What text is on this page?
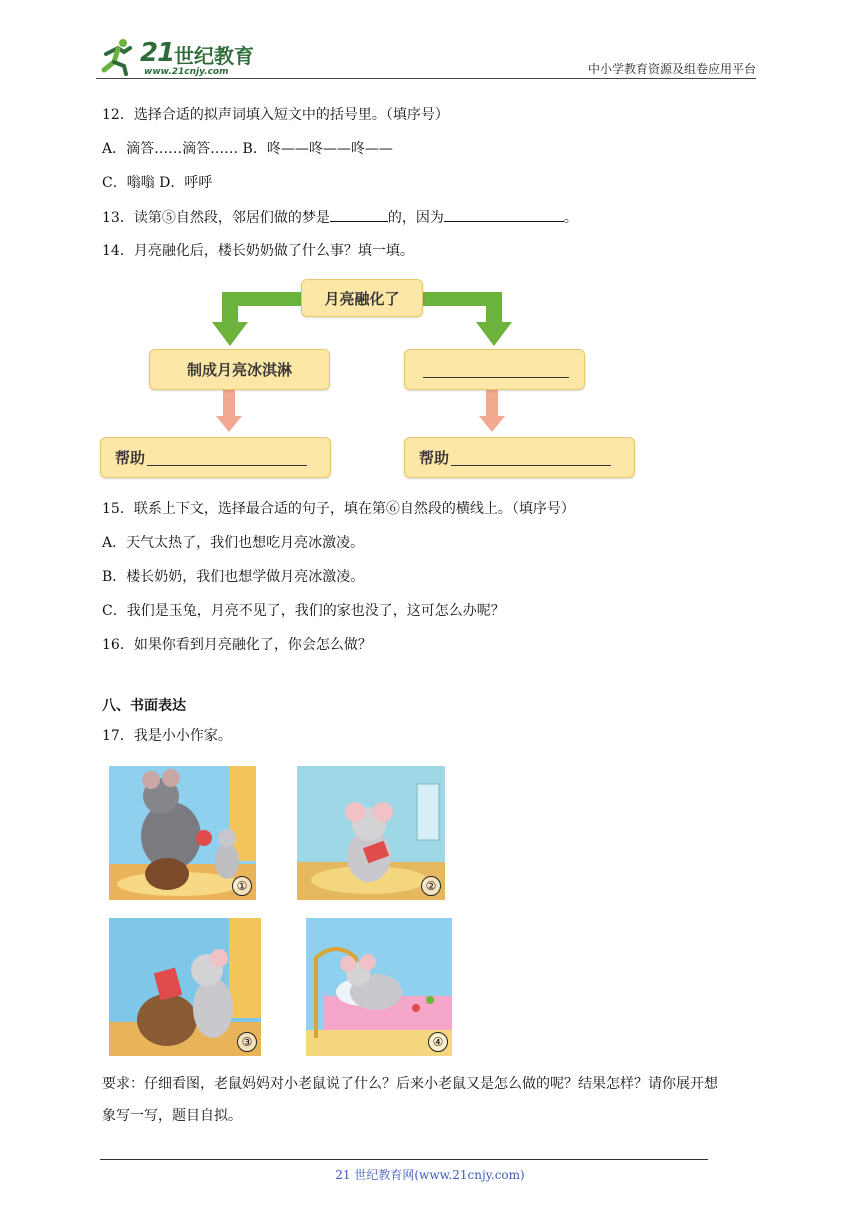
21 世纪教育
www.21cnjy.com	中小学教育资源及组卷应用平台
12．选择合适的拟声词填入短文中的括号里。（填序号）
A．滴答……滴答…… B．咚——咚——咚——
C．嗡嗡 D．呼呼
13．读第⑤自然段，邻居们做的梦是	的，因为	。
14．月亮融化后，楼长奶奶做了什么事？填一填。
月亮融化了
制成月亮冰淇淋
帮助	帮助
15．联系上下文，选择最合适的句子，填在第⑥自然段的横线上。（填序号）
A．天气太热了，我们也想吃月亮冰激凌。
B．楼长奶奶，我们也想学做月亮冰激凌。
C．我们是玉兔，月亮不见了，我们的家也没了，这可怎么办呢？
16．如果你看到月亮融化了，你会怎么做？
八、书面表达
17．我是小小作家。
①	②
③	④
要求：仔细看图，老鼠妈妈对小老鼠说了什么？后来小老鼠又是怎么做的呢？结果怎样？请你展开想
象写一写，题目自拟。
21 世纪教育网(www.21cnjy.com)
